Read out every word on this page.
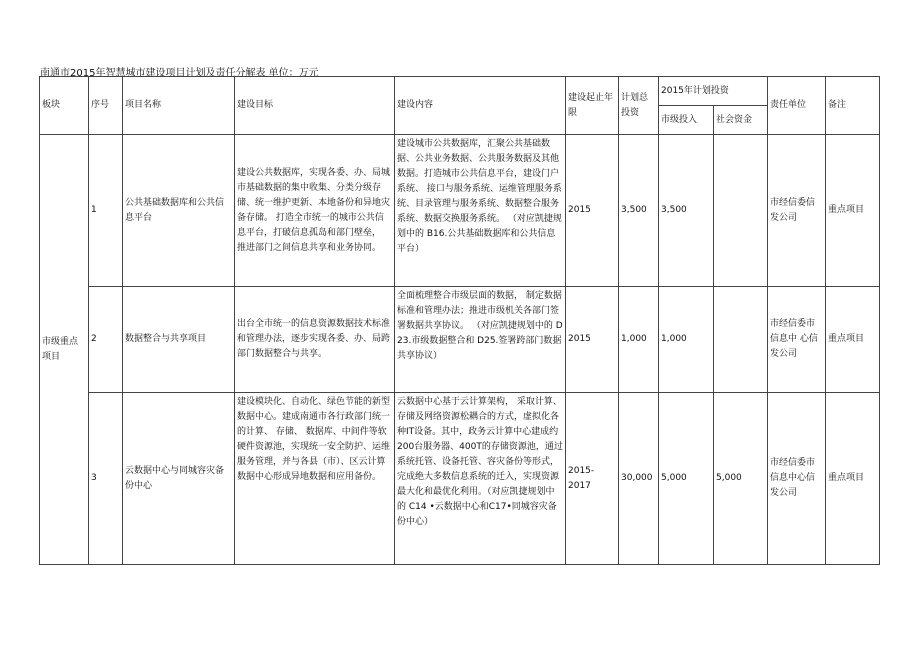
南通市2015年智慧城市建设项目计划及责任分解表 单位：万元
板块	序号	项目名称	建设目标	建设内容	建设起止年限	计划总投资	2015年计划投资		责任单位	备注
							市级投入	社会资金		
市级重点项目	1	公共基础数据库和公共信息平台	建设公共数据库，实现各委、办、局城市基础数据的集中收集、分类分级存储、统一维护更新、本地备份和异地灾备存储。 打造全市统一的城市公共信息平台，打破信息孤岛和部门壁垒， 推进部门之间信息共享和业务协同。	建设城市公共数据库，汇聚公共基础数据、公共业务数据、公共服务数据及其他数据。打造城市公共信息平台，建设门户系统、 接口与服务系统、运维管理服务系统、目录管理与服务系统、数据整合服务系统、数据交换服务系统。 （对应凯捷规划中的 B16.公共基础数据库和公共信息平台）	2015	3,500	3,500		市经信委信发公司	重点项目
	2	数据整合与共享项目	出台全市统一的信息资源数据技术标准和管理办法，逐步实现各委、办、局跨部门数据整合与共享。	全面梳理整合市级层面的数据， 制定数据标准和管理办法；推进市级机关各部门签署数据共享协议。 （对应凯捷规划中的 D23.市级数据整合和 D25.签署跨部门数据共享协议）	2015	1,000	1,000		市经信委市信息中 心信发公司	重点项目
	3	云数据中心与同城容灾备份中心	建设模块化、自动化、绿色节能的新型数据中心。建成南通市各行政部门统一的计算、 存储、 数据库、中间件等软硬件资源池，实现统一安全防护、运维服务管理，并与各县（市）、区云计算数据中心形成异地数据和应用备份。	云数据中心基于云计算架构， 采取计算、存储及网络资源松耦合的方式，虚拟化各种IT设备。其中，政务云计算中心建成约 200台服务器、400T的存储资源池，通过系统托管、设备托管、容灾备份等形式，完成绝大多数信息系统的迁入，实现资源最大化和最优化利用。（对应凯捷规划中的 C14 •云数据中心和C17•同城容灾备份中心）	2015-2017	30,000	5,000	5,000	市经信委市信息中心信发公司	重点项目
